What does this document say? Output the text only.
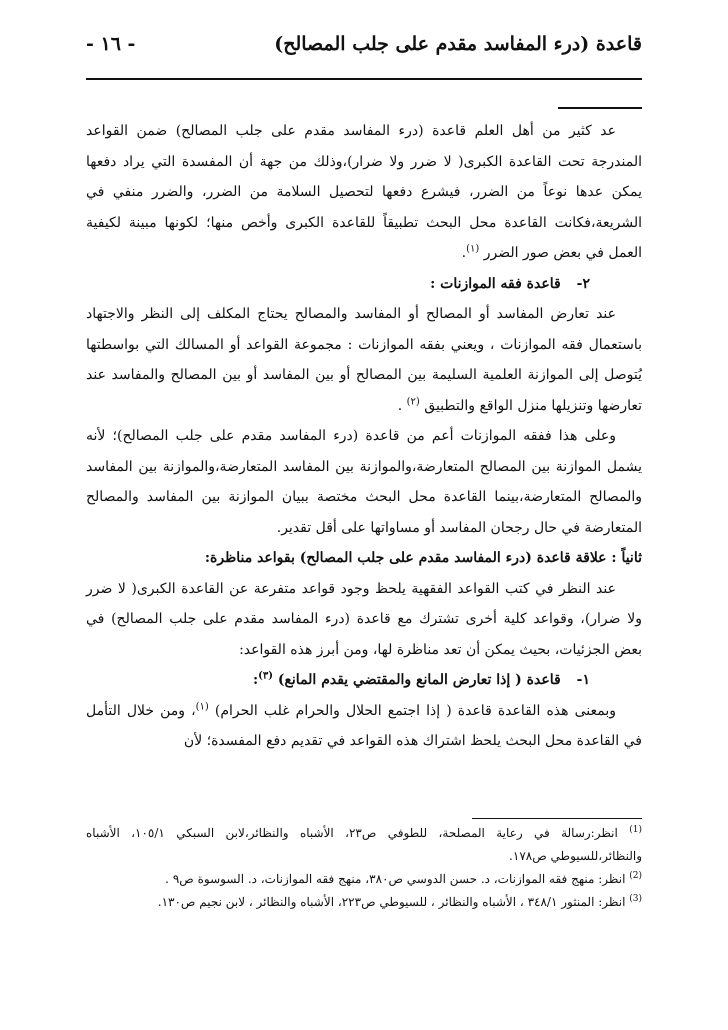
قاعدة (درء المفاسد مقدم على جلب المصالح)
- ١٦ -

عد كثير من أهل العلم قاعدة (درء المفاسد مقدم على جلب المصالح) ضمن القواعد المندرجة تحت القاعدة الكبرى( لا ضرر ولا ضرار)،وذلك من جهة أن المفسدة التي يراد دفعها يمكن عدها نوعاً من الضرر، فيشرع دفعها لتحصيل السلامة من الضرر، والضرر منفي في الشريعة،فكانت القاعدة محل البحث تطبيقاً للقاعدة الكبرى وأخص منها؛ لكونها مبينة لكيفية العمل في بعض صور الضرر $^{(١)}$.

٢-قاعدة فقه الموازنات :

عند تعارض المفاسد أو المصالح أو المفاسد والمصالح يحتاج المكلف إلى النظر والاجتهاد باستعمال فقه الموازنات ، ويعني بفقه الموازنات : مجموعة القواعد أو المسالك التي بواسطتها يُتوصل إلى الموازنة العلمية السليمة بين المصالح أو بين المفاسد أو بين المصالح والمفاسد عند تعارضها وتنزيلها منزل الواقع والتطبيق $^{(٢)}$ .

وعلى هذا ففقه الموازنات أعم من قاعدة (درء المفاسد مقدم على جلب المصالح)؛ لأنه يشمل الموازنة بين المصالح المتعارضة،والموازنة بين المفاسد المتعارضة،والموازنة بين المفاسد والمصالح المتعارضة،بينما القاعدة محل البحث مختصة ببيان الموازنة بين المفاسد والمصالح المتعارضة في حال رجحان المفاسد أو مساواتها على أقل تقدير.

ثانياً : علاقة قاعدة (درء المفاسد مقدم على جلب المصالح) بقواعد مناظرة:

عند النظر في كتب القواعد الفقهية يلحظ وجود قواعد متفرعة عن القاعدة الكبرى( لا ضرر ولا ضرار)، وقواعد كلية أخرى تشترك مع قاعدة (درء المفاسد مقدم على جلب المصالح) في بعض الجزئيات، بحيث يمكن أن تعد مناظرة لها، ومن أبرز هذه القواعد:

١-قاعدة ( إذا تعارض المانع والمقتضي يقدم المانع) $^{(٣)}$:

وبمعنى هذه القاعدة قاعدة ( إذا اجتمع الحلال والحرام غلب الحرام) $^{(١)}$، ومن خلال التأمل في القاعدة محل البحث يلحظ اشتراك هذه القواعد في تقديم دفع المفسدة؛ لأن

$^{(1)}$ انظر:رسالة في رعاية المصلحة، للطوفي ص٢٣، الأشباه والنظائر،لابن السبكي ١٠٥/١، الأشباه والنظائر،للسيوطي ص١٧٨.

$^{(2)}$ انظر: منهج فقه الموازنات، د. حسن الدوسي ص٣٨٠، منهج فقه الموازنات، د. السوسوة ص٩ .

$^{(3)}$ انظر: المنثور ٣٤٨/١ ، الأشباه والنظائر ، للسيوطي ص٢٢٣، الأشباه والنظائر ، لابن نجيم ص١٣٠.
